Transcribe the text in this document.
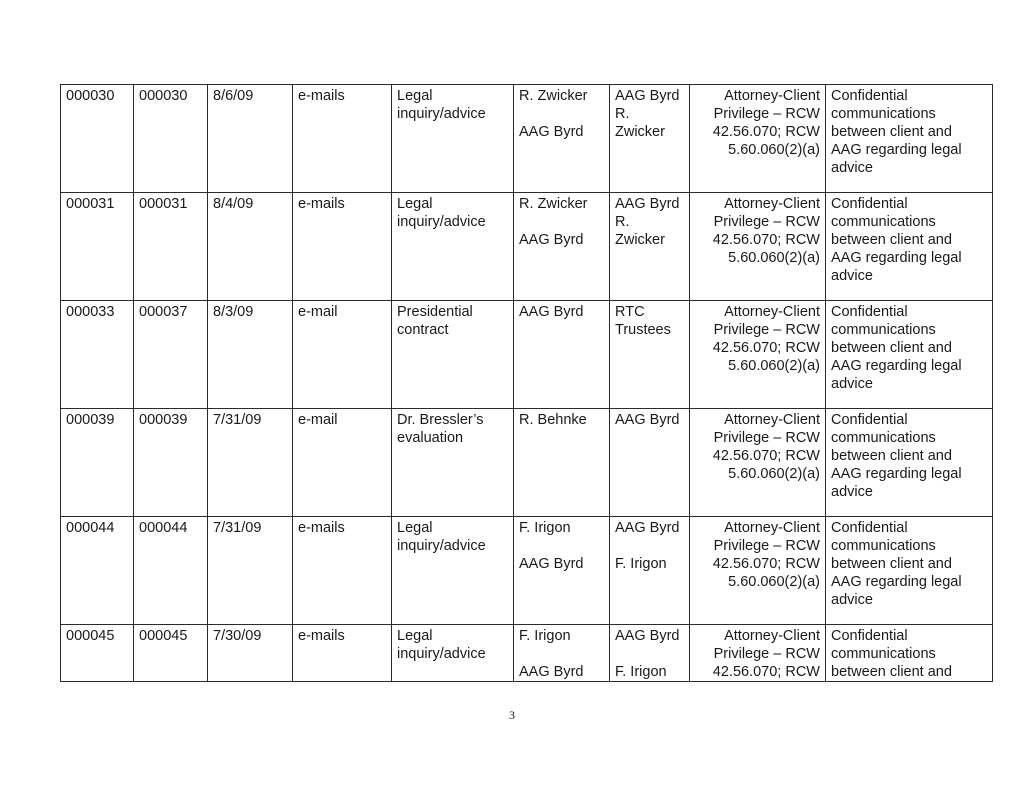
000030	000030	8/6/09	e-mails	Legal
inquiry/advice	R. Zwicker
AAG Byrd	AAG Byrd
R.
Zwicker	Attorney-Client
Privilege – RCW
42.56.070; RCW
5.60.060(2)(a)	Confidential
communications
between client and
AAG regarding legal
advice

000031	000031	8/4/09	e-mails	Legal
inquiry/advice	R. Zwicker
AAG Byrd	AAG Byrd
R.
Zwicker	Attorney-Client
Privilege – RCW
42.56.070; RCW
5.60.060(2)(a)	Confidential
communications
between client and
AAG regarding legal
advice

000033	000037	8/3/09	e-mail	Presidential
contract	AAG Byrd	RTC
Trustees	Attorney-Client
Privilege – RCW
42.56.070; RCW
5.60.060(2)(a)	Confidential
communications
between client and
AAG regarding legal
advice

000039	000039	7/31/09	e-mail	Dr. Bressler’s
evaluation	R. Behnke	AAG Byrd	Attorney-Client
Privilege – RCW
42.56.070; RCW
5.60.060(2)(a)	Confidential
communications
between client and
AAG regarding legal
advice

000044	000044	7/31/09	e-mails	Legal
inquiry/advice	F. Irigon
AAG Byrd	AAG Byrd
F. Irigon	Attorney-Client
Privilege – RCW
42.56.070; RCW
5.60.060(2)(a)	Confidential
communications
between client and
AAG regarding legal
advice

000045	000045	7/30/09	e-mails	Legal
inquiry/advice	F. Irigon
AAG Byrd	AAG Byrd
F. Irigon	Attorney-Client
Privilege – RCW
42.56.070; RCW	Confidential
communications
between client and
3
